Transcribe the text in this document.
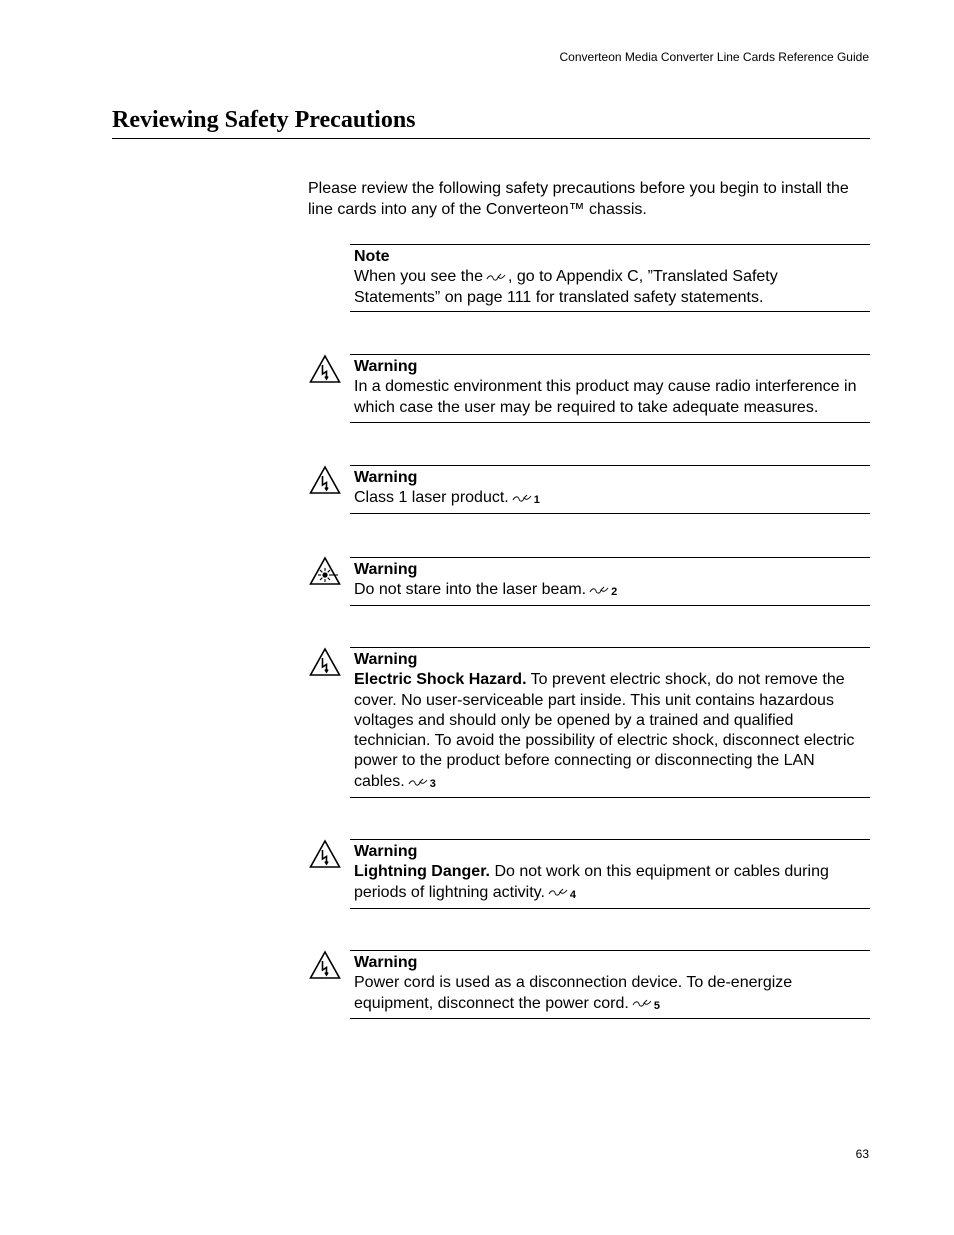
Converteon Media Converter Line Cards Reference Guide
Reviewing Safety Precautions

Please review the following safety precautions before you begin to install the line cards into any of the Converteon™ chassis.

Note
When you see the , go to Appendix C, ”Translated Safety Statements” on page 111 for translated safety statements.
Warning
In a domestic environment this product may cause radio interference in which case the user may be required to take adequate measures.
Warning
Class 1 laser product. 1
Warning
Do not stare into the laser beam. 2
Warning
Electric Shock Hazard. To prevent electric shock, do not remove the cover. No user-serviceable part inside. This unit contains hazardous voltages and should only be opened by a trained and qualified technician. To avoid the possibility of electric shock, disconnect electric power to the product before connecting or disconnecting the LAN cables. 3
Warning
Lightning Danger. Do not work on this equipment or cables during periods of lightning activity. 4
Warning
Power cord is used as a disconnection device. To de-energize equipment, disconnect the power cord. 5
63
